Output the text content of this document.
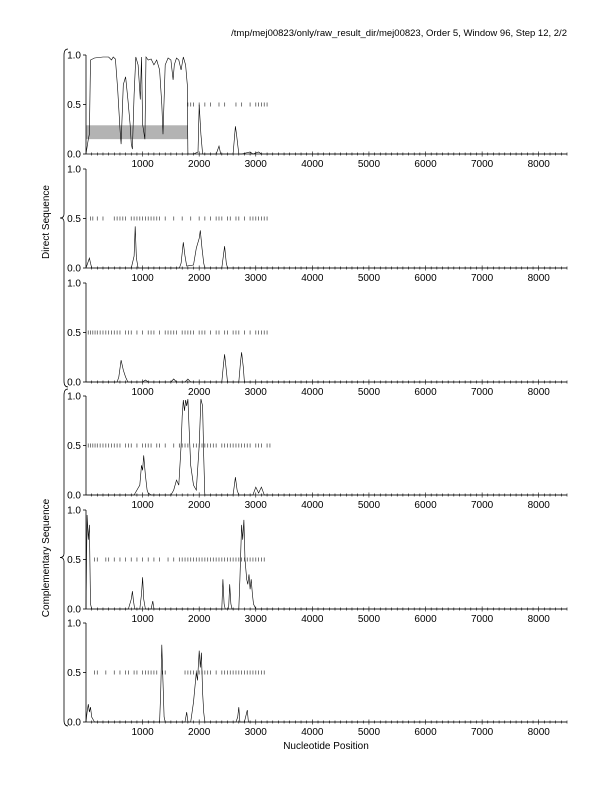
/tmp/mej00823/only/raw_result_dir/mej00823, Order 5, Window 96, Step 12, 2/2
0.0
0.5
1.0
1000	2000	3000	4000	5000	6000	7000	8000
0.0
0.5
1.0
1000	2000	3000	4000	5000	6000	7000	8000
0.0
0.5
1.0
1000	2000	3000	4000	5000	6000	7000	8000
0.0
0.5
1.0
1000	2000	3000	4000	5000	6000	7000	8000
0.0
0.5
1.0
1000	2000	3000	4000	5000	6000	7000	8000
0.0
0.5
1.0
1000	2000	3000	4000	5000	6000	7000	8000
Direct Sequence
Complementary Sequence
Nucleotide Position
